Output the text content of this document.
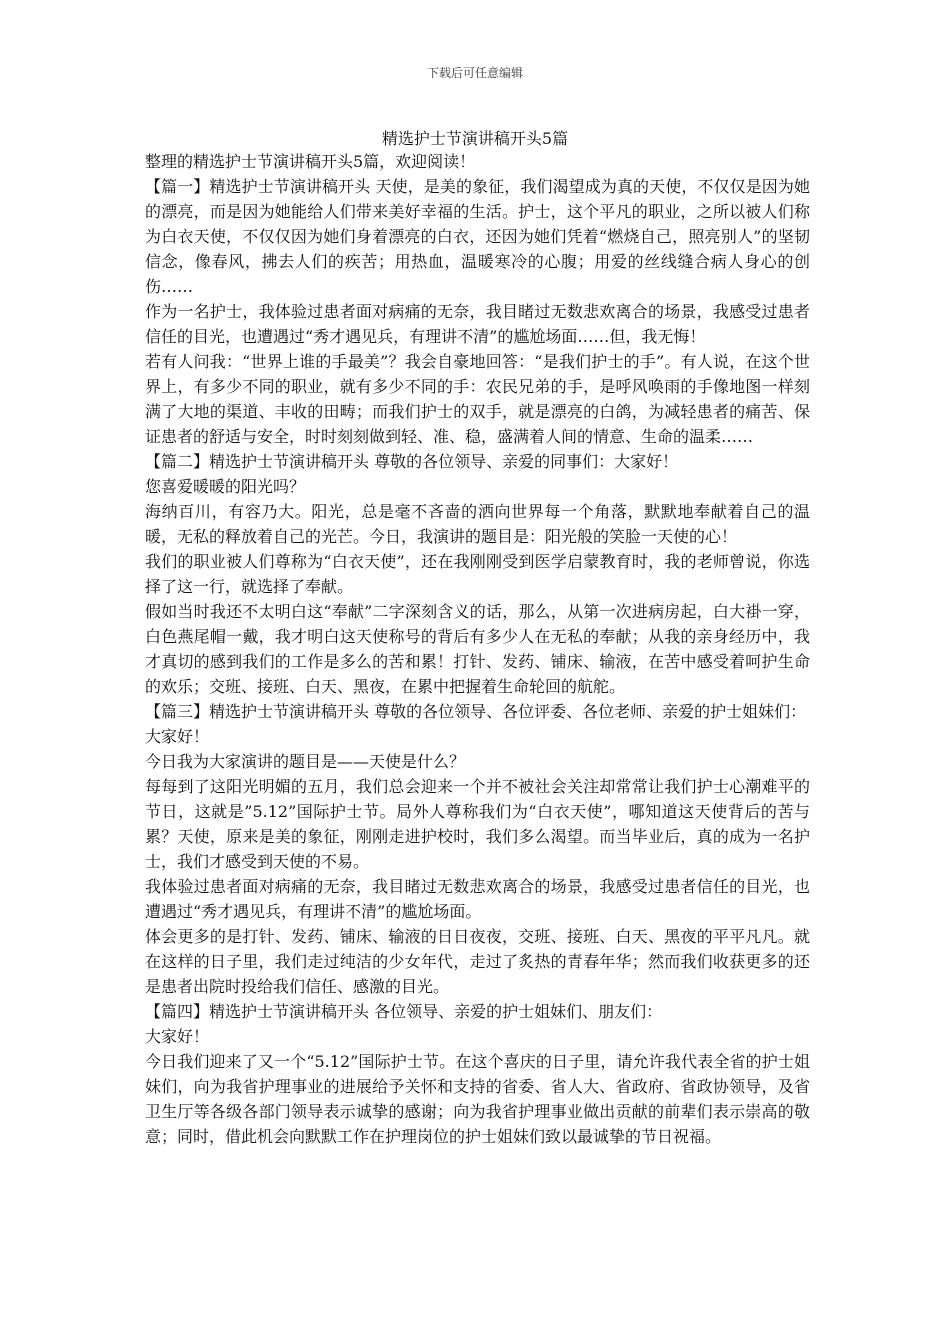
下载后可任意编辑
精选护士节演讲稿开头5篇

整理的精选护士节演讲稿开头5篇，欢迎阅读！

【篇一】精选护士节演讲稿开头 天使，是美的象征，我们渴望成为真的天使，不仅仅是因为她的漂亮，而是因为她能给人们带来美好幸福的生活。护士，这个平凡的职业，之所以被人们称为白衣天使，不仅仅因为她们身着漂亮的白衣，还因为她们凭着“燃烧自己，照亮别人”的坚韧信念，像春风，拂去人们的疾苦；用热血，温暖寒冷的心腹；用爱的丝线缝合病人身心的创伤……

作为一名护士，我体验过患者面对病痛的无奈，我目睹过无数悲欢离合的场景，我感受过患者信任的目光，也遭遇过“秀才遇见兵，有理讲不清”的尴尬场面……但，我无悔！

若有人问我：“世界上谁的手最美”？我会自豪地回答：“是我们护士的手”。有人说，在这个世界上，有多少不同的职业，就有多少不同的手：农民兄弟的手，是呼风唤雨的手像地图一样刻满了大地的渠道、丰收的田畴；而我们护士的双手，就是漂亮的白鸽，为减轻患者的痛苦、保证患者的舒适与安全，时时刻刻做到轻、准、稳，盛满着人间的情意、生命的温柔……

【篇二】精选护士节演讲稿开头 尊敬的各位领导、亲爱的同事们：大家好！

您喜爱暖暖的阳光吗？

海纳百川，有容乃大。阳光，总是毫不吝啬的洒向世界每一个角落，默默地奉献着自己的温暖，无私的释放着自己的光芒。今日，我演讲的题目是：阳光般的笑脸一天使的心！

我们的职业被人们尊称为“白衣天使”，还在我刚刚受到医学启蒙教育时，我的老师曾说，你选择了这一行，就选择了奉献。

假如当时我还不太明白这“奉献”二字深刻含义的话，那么，从第一次进病房起，白大褂一穿，白色燕尾帽一戴，我才明白这天使称号的背后有多少人在无私的奉献；从我的亲身经历中，我才真切的感到我们的工作是多么的苦和累！打针、发药、铺床、输液，在苦中感受着呵护生命的欢乐；交班、接班、白天、黑夜，在累中把握着生命轮回的航舵。

【篇三】精选护士节演讲稿开头 尊敬的各位领导、各位评委、各位老师、亲爱的护士姐妹们：

大家好！

今日我为大家演讲的题目是——天使是什么？

每每到了这阳光明媚的五月，我们总会迎来一个并不被社会关注却常常让我们护士心潮难平的节日，这就是”5.12”国际护士节。局外人尊称我们为“白衣天使”，哪知道这天使背后的苦与累？天使，原来是美的象征，刚刚走进护校时，我们多么渴望。而当毕业后，真的成为一名护士，我们才感受到天使的不易。

我体验过患者面对病痛的无奈，我目睹过无数悲欢离合的场景，我感受过患者信任的目光，也遭遇过“秀才遇见兵，有理讲不清”的尴尬场面。

体会更多的是打针、发药、铺床、输液的日日夜夜，交班、接班、白天、黑夜的平平凡凡。就在这样的日子里，我们走过纯洁的少女年代，走过了炙热的青春年华；然而我们收获更多的还是患者出院时投给我们信任、感激的目光。

【篇四】精选护士节演讲稿开头 各位领导、亲爱的护士姐妹们、朋友们：

大家好！

今日我们迎来了又一个“5.12”国际护士节。在这个喜庆的日子里，请允许我代表全省的护士姐妹们，向为我省护理事业的进展给予关怀和支持的省委、省人大、省政府、省政协领导，及省卫生厅等各级各部门领导表示诚挚的感谢；向为我省护理事业做出贡献的前辈们表示崇高的敬意；同时，借此机会向默默工作在护理岗位的护士姐妹们致以最诚挚的节日祝福。
